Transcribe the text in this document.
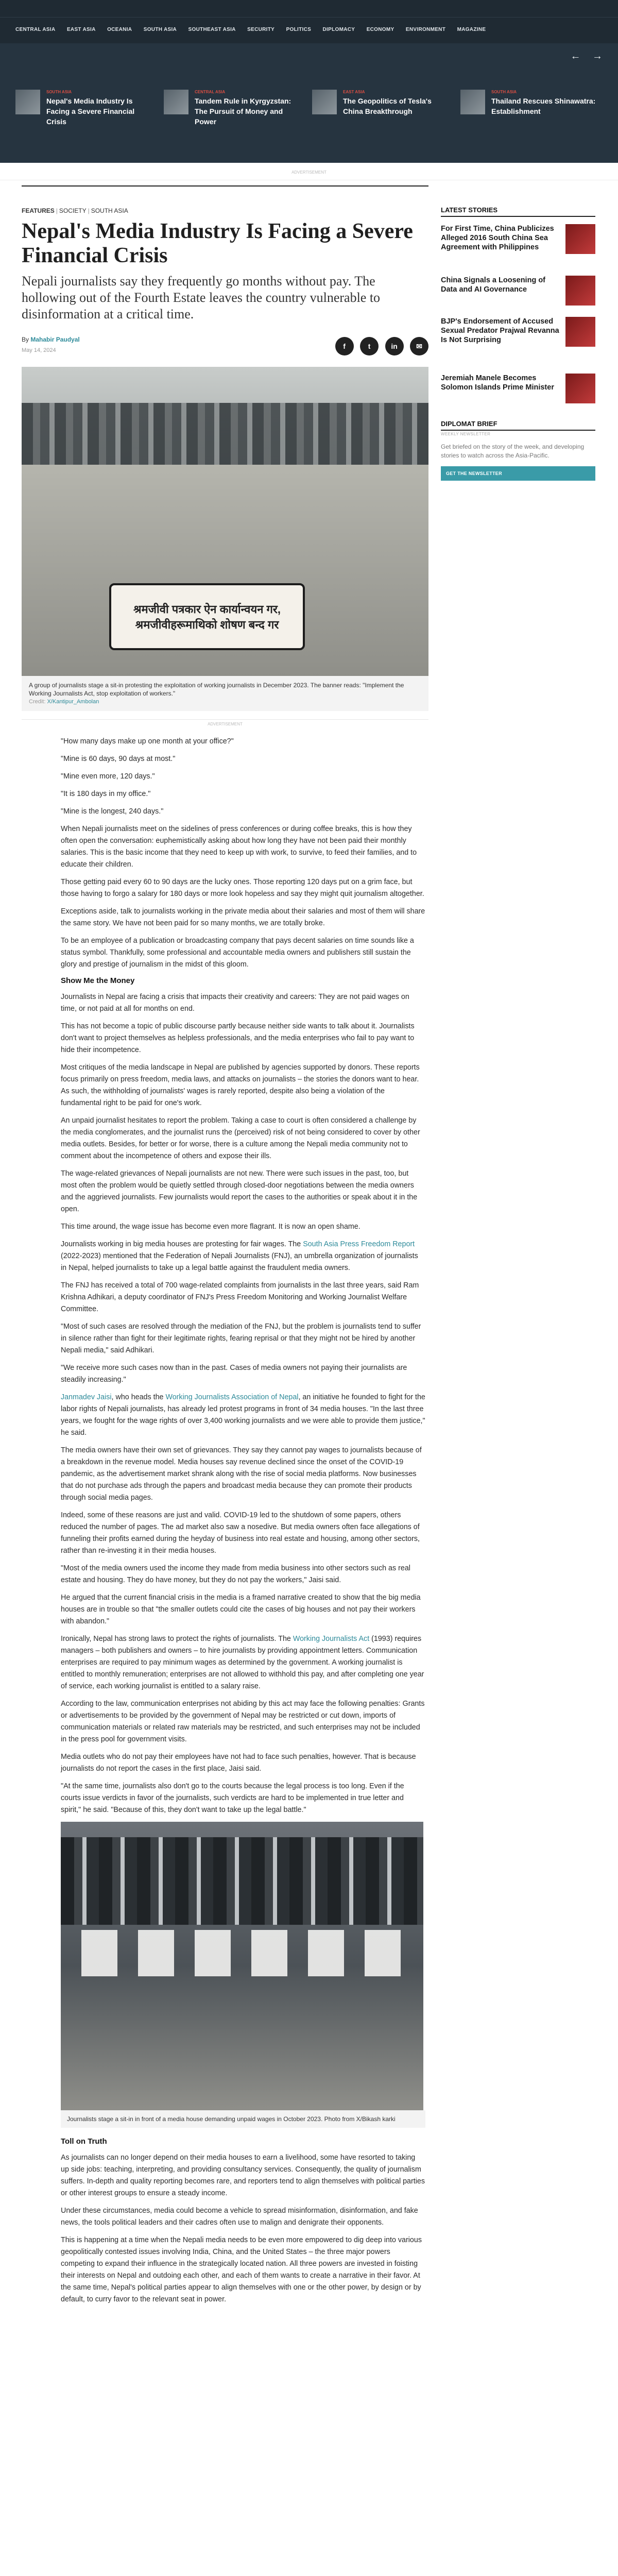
CENTRAL ASIA EAST ASIA OCEANIA SOUTH ASIA SOUTHEAST ASIA SECURITY POLITICS DIPLOMACY ECONOMY ENVIRONMENT MAGAZINE
← →
SOUTH ASIA
Nepal's Media Industry Is Facing a Severe Financial Crisis
CENTRAL ASIA
Tandem Rule in Kyrgyzstan: The Pursuit of Money and Power
EAST ASIA
The Geopolitics of Tesla's China Breakthrough
SOUTH ASIA
Thailand Rescues Shinawatra: Establishment
ADVERTISEMENT
FEATURES | SOCIETY | SOUTH ASIA
Nepal's Media Industry Is Facing a Severe Financial Crisis
Nepali journalists say they frequently go months without pay. The hollowing out of the Fourth Estate leaves the country vulnerable to disinformation at a critical time.
By Mahabir Paudyal
May 14, 2024	f	t	in	✉
श्रमजीवी पत्रकार ऐन कार्यान्वयन गर, श्रमजीवीहरूमाथिको शोषण बन्द गर
A group of journalists stage a sit-in protesting the exploitation of working journalists in December 2023. The banner reads: "Implement the Working Journalists Act, stop exploitation of workers."
Credit: X/Kantipur_Ambolan
ADVERTISEMENT

"How many days make up one month at your office?"

"Mine is 60 days, 90 days at most."

"Mine even more, 120 days."

"It is 180 days in my office."

"Mine is the longest, 240 days."

When Nepali journalists meet on the sidelines of press conferences or during coffee breaks, this is how they often open the conversation: euphemistically asking about how long they have not been paid their monthly salaries. This is the basic income that they need to keep up with work, to survive, to feed their families, and to educate their children.

Those getting paid every 60 to 90 days are the lucky ones. Those reporting 120 days put on a grim face, but those having to forgo a salary for 180 days or more look hopeless and say they might quit journalism altogether.

Exceptions aside, talk to journalists working in the private media about their salaries and most of them will share the same story. We have not been paid for so many months, we are totally broke.

To be an employee of a publication or broadcasting company that pays decent salaries on time sounds like a status symbol. Thankfully, some professional and accountable media owners and publishers still sustain the glory and prestige of journalism in the midst of this gloom.

Show Me the Money

Journalists in Nepal are facing a crisis that impacts their creativity and careers: They are not paid wages on time, or not paid at all for months on end.

This has not become a topic of public discourse partly because neither side wants to talk about it. Journalists don't want to project themselves as helpless professionals, and the media enterprises who fail to pay want to hide their incompetence.

Most critiques of the media landscape in Nepal are published by agencies supported by donors. These reports focus primarily on press freedom, media laws, and attacks on journalists – the stories the donors want to hear. As such, the withholding of journalists' wages is rarely reported, despite also being a violation of the fundamental right to be paid for one's work.

An unpaid journalist hesitates to report the problem. Taking a case to court is often considered a challenge by the media conglomerates, and the journalist runs the (perceived) risk of not being considered to cover by other media outlets. Besides, for better or for worse, there is a culture among the Nepali media community not to comment about the incompetence of others and expose their ills.

The wage-related grievances of Nepali journalists are not new. There were such issues in the past, too, but most often the problem would be quietly settled through closed-door negotiations between the media owners and the aggrieved journalists. Few journalists would report the cases to the authorities or speak about it in the open.

This time around, the wage issue has become even more flagrant. It is now an open shame.

Journalists working in big media houses are protesting for fair wages. The South Asia Press Freedom Report (2022-2023) mentioned that the Federation of Nepali Journalists (FNJ), an umbrella organization of journalists in Nepal, helped journalists to take up a legal battle against the fraudulent media owners.

The FNJ has received a total of 700 wage-related complaints from journalists in the last three years, said Ram Krishna Adhikari, a deputy coordinator of FNJ's Press Freedom Monitoring and Working Journalist Welfare Committee.

"Most of such cases are resolved through the mediation of the FNJ, but the problem is journalists tend to suffer in silence rather than fight for their legitimate rights, fearing reprisal or that they might not be hired by another Nepali media," said Adhikari.

"We receive more such cases now than in the past. Cases of media owners not paying their journalists are steadily increasing."

Janmadev Jaisi, who heads the Working Journalists Association of Nepal, an initiative he founded to fight for the labor rights of Nepali journalists, has already led protest programs in front of 34 media houses. "In the last three years, we fought for the wage rights of over 3,400 working journalists and we were able to provide them justice," he said.

The media owners have their own set of grievances. They say they cannot pay wages to journalists because of a breakdown in the revenue model. Media houses say revenue declined since the onset of the COVID-19 pandemic, as the advertisement market shrank along with the rise of social media platforms. Now businesses that do not purchase ads through the papers and broadcast media because they can promote their products through social media pages.

Indeed, some of these reasons are just and valid. COVID-19 led to the shutdown of some papers, others reduced the number of pages. The ad market also saw a nosedive. But media owners often face allegations of funneling their profits earned during the heyday of business into real estate and housing, among other sectors, rather than re-investing it in their media houses.

"Most of the media owners used the income they made from media business into other sectors such as real estate and housing. They do have money, but they do not pay the workers," Jaisi said.

He argued that the current financial crisis in the media is a framed narrative created to show that the big media houses are in trouble so that "the smaller outlets could cite the cases of big houses and not pay their workers with abandon."

Ironically, Nepal has strong laws to protect the rights of journalists. The Working Journalists Act (1993) requires managers – both publishers and owners – to hire journalists by providing appointment letters. Communication enterprises are required to pay minimum wages as determined by the government. A working journalist is entitled to monthly remuneration; enterprises are not allowed to withhold this pay, and after completing one year of service, each working journalist is entitled to a salary raise.

According to the law, communication enterprises not abiding by this act may face the following penalties: Grants or advertisements to be provided by the government of Nepal may be restricted or cut down, imports of communication materials or related raw materials may be restricted, and such enterprises may not be included in the press pool for government visits.

Media outlets who do not pay their employees have not had to face such penalties, however. That is because journalists do not report the cases in the first place, Jaisi said.

"At the same time, journalists also don't go to the courts because the legal process is too long. Even if the courts issue verdicts in favor of the journalists, such verdicts are hard to be implemented in true letter and spirit," he said. "Because of this, they don't want to take up the legal battle."

Journalists stage a sit-in in front of a media house demanding unpaid wages in October 2023. Photo from X/Bikash karki
Toll on Truth

As journalists can no longer depend on their media houses to earn a livelihood, some have resorted to taking up side jobs: teaching, interpreting, and providing consultancy services. Consequently, the quality of journalism suffers. In-depth and quality reporting becomes rare, and reporters tend to align themselves with political parties or other interest groups to ensure a steady income.

Under these circumstances, media could become a vehicle to spread misinformation, disinformation, and fake news, the tools political leaders and their cadres often use to malign and denigrate their opponents.

This is happening at a time when the Nepali media needs to be even more empowered to dig deep into various geopolitically contested issues involving India, China, and the United States – the three major powers competing to expand their influence in the strategically located nation. All three powers are invested in foisting their interests on Nepal and outdoing each other, and each of them wants to create a narrative in their favor. At the same time, Nepal's political parties appear to align themselves with one or the other power, by design or by default, to curry favor to the relevant seat in power.

LATEST STORIES
For First Time, China Publicizes Alleged 2016 South China Sea Agreement with Philippines
China Signals a Loosening of Data and AI Governance
BJP's Endorsement of Accused Sexual Predator Prajwal Revanna Is Not Surprising
Jeremiah Manele Becomes Solomon Islands Prime Minister
DIPLOMAT BRIEF
WEEKLY NEWSLETTER
Get briefed on the story of the week, and developing stories to watch across the Asia-Pacific.
GET THE NEWSLETTER
